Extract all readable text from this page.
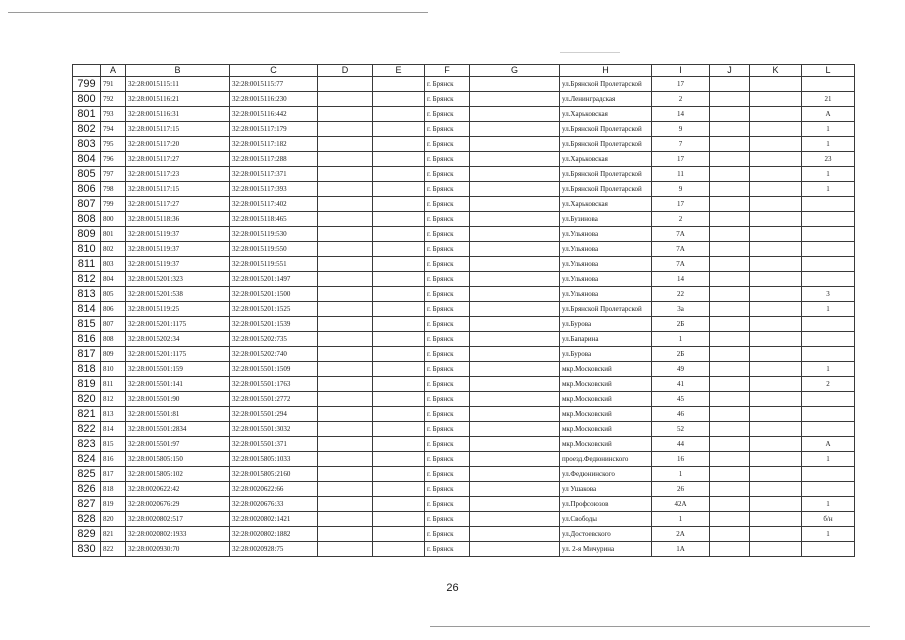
	A	B	C	D	E	F	G	H	I	J	K	L
799	791	32:28:0015115:11	32:28:0015115:77			г. Брянск		ул.Брянской Пролетарской	17			
800	792	32:28:0015116:21	32:28:0015116:230			г. Брянск		ул.Ленинградская	2			21
801	793	32:28:0015116:31	32:28:0015116:442			г. Брянск		ул.Харьковская	14			А
802	794	32:28:0015117:15	32:28:0015117:179			г. Брянск		ул.Брянской Пролетарской	9			1
803	795	32:28:0015117:20	32:28:0015117:182			г. Брянск		ул.Брянской Пролетарской	7			1
804	796	32:28:0015117:27	32:28:0015117:288			г. Брянск		ул.Харьковская	17			23
805	797	32:28:0015117:23	32:28:0015117:371			г. Брянск		ул.Брянской Пролетарской	11			1
806	798	32:28:0015117:15	32:28:0015117:393			г. Брянск		ул.Брянской Пролетарской	9			1
807	799	32:28:0015117:27	32:28:0015117:402			г. Брянск		ул.Харьковская	17			
808	800	32:28:0015118:36	32:28:0015118:465			г. Брянск		ул.Бузинова	2			
809	801	32:28:0015119:37	32:28:0015119:530			г. Брянск		ул.Ульянова	7А			
810	802	32:28:0015119:37	32:28:0015119:550			г. Брянск		ул.Ульянова	7А			
811	803	32:28:0015119:37	32:28:0015119:551			г. Брянск		ул.Ульянова	7А			
812	804	32:28:0015201:323	32:28:0015201:1497			г. Брянск		ул.Ульянова	14			
813	805	32:28:0015201:538	32:28:0015201:1500			г. Брянск		ул.Ульянова	22			3
814	806	32:28:0015119:25	32:28:0015201:1525			г. Брянск		ул.Брянской Пролетарской	3а			1
815	807	32:28:0015201:1175	32:28:0015201:1539			г. Брянск		ул.Бурова	2Б			
816	808	32:28:0015202:34	32:28:0015202:735			г. Брянск		ул.Бапарина	1			
817	809	32:28:0015201:1175	32:28:0015202:740			г. Брянск		ул.Бурова	2Б			
818	810	32:28:0015501:159	32:28:0015501:1509			г. Брянск		мкр.Московский	49			1
819	811	32:28:0015501:141	32:28:0015501:1763			г. Брянск		мкр.Московский	41			2
820	812	32:28:0015501:90	32:28:0015501:2772			г. Брянск		мкр.Московский	45			
821	813	32:28:0015501:81	32:28:0015501:294			г. Брянск		мкр.Московский	46			
822	814	32:28:0015501:2834	32:28:0015501:3032			г. Брянск		мкр.Московский	52			
823	815	32:28:0015501:97	32:28:0015501:371			г. Брянск		мкр.Московский	44			А
824	816	32:28:0015805:150	32:28:0015805:1033			г. Брянск		проезд.Федюнинского	16			1
825	817	32:28:0015805:102	32:28:0015805:2160			г. Брянск		ул.Федюнинского	1			
826	818	32:28:0020622:42	32:28:0020622:66			г. Брянск		ул Ушакова	26			
827	819	32:28:0020676:29	32:28:0020676:33			г. Брянск		ул.Профсоюзов	42А			1
828	820	32:28:0020802:517	32:28:0020802:1421			г. Брянск		ул.Свободы	1			б/н
829	821	32:28:0020802:1933	32:28:0020802:1882			г. Брянск		ул.Достоевского	2А			1
830	822	32:28:0020930:70	32:28:0020928:75			г. Брянск		ул. 2-я Мичурина	1А			
26
